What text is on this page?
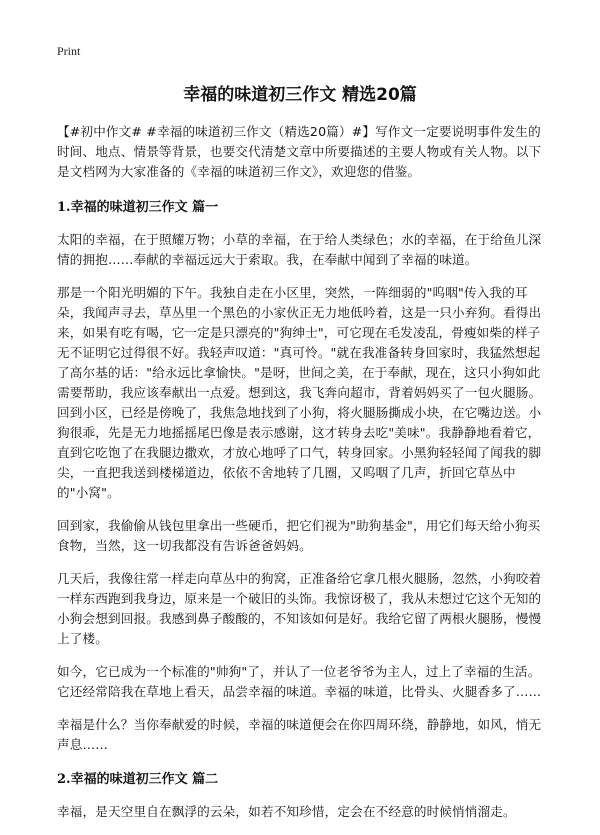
Print
幸福的味道初三作文 精选20篇

【#初中作文# #幸福的味道初三作文（精选20篇）#】写作文一定要说明事件发生的时间、地点、情景等背景，也要交代清楚文章中所要描述的主要人物或有关人物。以下是文档网为大家准备的《幸福的味道初三作文》，欢迎您的借鉴。

1.幸福的味道初三作文 篇一

太阳的幸福，在于照耀万物；小草的幸福，在于给人类绿色；水的幸福，在于给鱼儿深情的拥抱……奉献的幸福远远大于索取。我，在奉献中闻到了幸福的味道。

那是一个阳光明媚的下午。我独自走在小区里，突然，一阵细弱的"呜咽"传入我的耳朵，我闻声寻去，草丛里一个黑色的小家伙正无力地低吟着，这是一只小弃狗。看得出来，如果有吃有喝，它一定是只漂亮的"狗绅士"，可它现在毛发凌乱，骨瘦如柴的样子无不证明它过得很不好。我轻声叹道："真可怜。"就在我准备转身回家时，我猛然想起了高尔基的话："给永远比拿愉快。"是呀，世间之美，在于奉献，现在，这只小狗如此需要帮助，我应该奉献出一点爱。想到这，我飞奔向超市，背着妈妈买了一包火腿肠。回到小区，已经是傍晚了，我焦急地找到了小狗，将火腿肠撕成小块，在它嘴边送。小狗很乖，先是无力地摇摇尾巴像是表示感谢，这才转身去吃"美味"。我静静地看着它，直到它吃饱了在我腿边撒欢，才放心地呼了口气，转身回家。小黑狗轻轻闻了闻我的脚尖，一直把我送到楼梯道边，依依不舍地转了几圈，又呜咽了几声，折回它草丛中的"小窝"。

回到家，我偷偷从钱包里拿出一些硬币，把它们视为"助狗基金"，用它们每天给小狗买食物，当然，这一切我都没有告诉爸爸妈妈。

几天后，我像往常一样走向草丛中的狗窝，正准备给它拿几根火腿肠，忽然，小狗咬着一样东西跑到我身边，原来是一个破旧的头饰。我惊讶极了，我从未想过它这个无知的小狗会想到回报。我感到鼻子酸酸的，不知该如何是好。我给它留了两根火腿肠，慢慢上了楼。

如今，它已成为一个标准的"帅狗"了，并认了一位老爷爷为主人，过上了幸福的生活。它还经常陪我在草地上看天，品尝幸福的味道。幸福的味道，比骨头、火腿香多了……

幸福是什么？当你奉献爱的时候，幸福的味道便会在你四周环绕，静静地，如风，悄无声息……

2.幸福的味道初三作文 篇二

幸福，是天空里自在飘浮的云朵，如若不知珍惜，定会在不经意的时候悄悄溜走。
